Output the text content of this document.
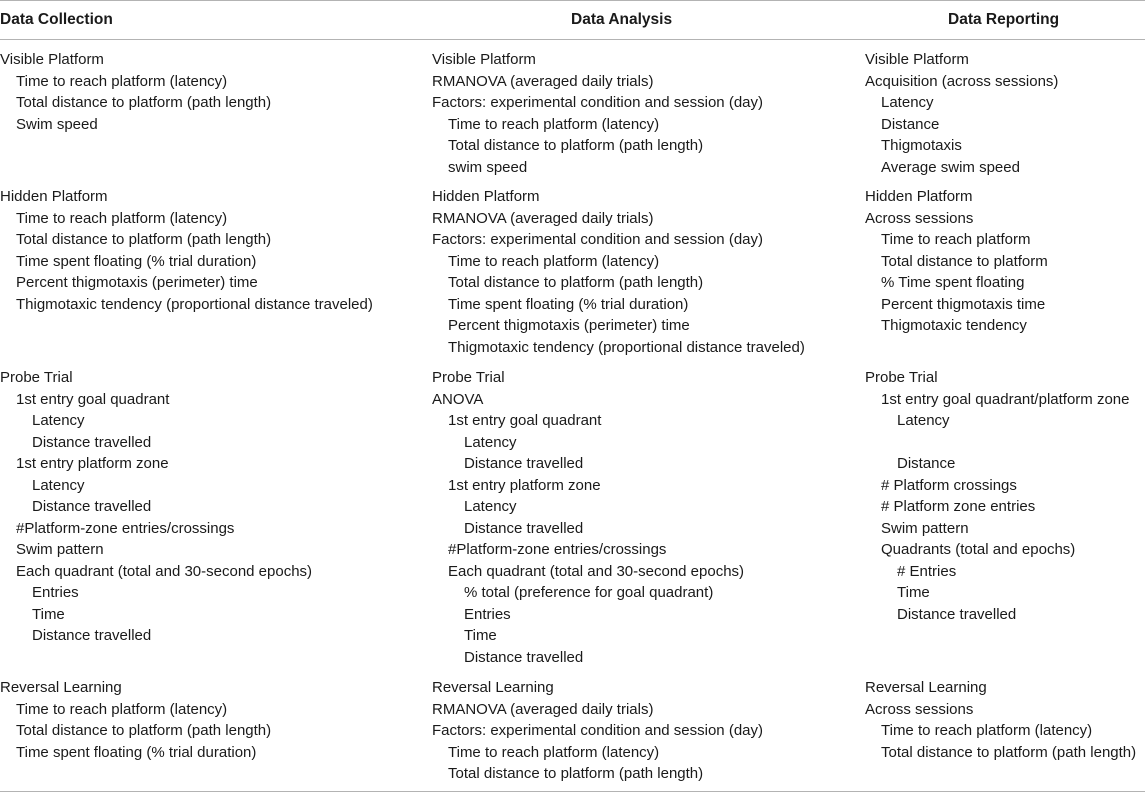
Data Collection	Data Analysis	Data Reporting
Visible Platform
Time to reach platform (latency)
Total distance to platform (path length)
Swim speed
Hidden Platform
Time to reach platform (latency)
Total distance to platform (path length)
Time spent floating (% trial duration)
Percent thigmotaxis (perimeter) time
Thigmotaxic tendency (proportional distance traveled)
Probe Trial
1st entry goal quadrant
Latency
Distance travelled
1st entry platform zone
Latency
Distance travelled
#Platform-zone entries/crossings
Swim pattern
Each quadrant (total and 30-second epochs)
Entries
Time
Distance travelled
Reversal Learning
Time to reach platform (latency)
Total distance to platform (path length)
Time spent floating (% trial duration)
Visible Platform
RMANOVA (averaged daily trials)
Factors: experimental condition and session (day)
Time to reach platform (latency)
Total distance to platform (path length)
swim speed
Hidden Platform
RMANOVA (averaged daily trials)
Factors: experimental condition and session (day)
Time to reach platform (latency)
Total distance to platform (path length)
Time spent floating (% trial duration)
Percent thigmotaxis (perimeter) time
Thigmotaxic tendency (proportional distance traveled)
Probe Trial
ANOVA
1st entry goal quadrant
Latency
Distance travelled
1st entry platform zone
Latency
Distance travelled
#Platform-zone entries/crossings
Each quadrant (total and 30-second epochs)
% total (preference for goal quadrant)
Entries
Time
Distance travelled
Reversal Learning
RMANOVA (averaged daily trials)
Factors: experimental condition and session (day)
Time to reach platform (latency)
Total distance to platform (path length)
Visible Platform
Acquisition (across sessions)
Latency
Distance
Thigmotaxis
Average swim speed
Hidden Platform
Across sessions
Time to reach platform
Total distance to platform
% Time spent floating
Percent thigmotaxis time
Thigmotaxic tendency
Probe Trial
1st entry goal quadrant/platform zone
Latency
Distance
# Platform crossings
# Platform zone entries
Swim pattern
Quadrants (total and epochs)
# Entries
Time
Distance travelled
Reversal Learning
Across sessions
Time to reach platform (latency)
Total distance to platform (path length)
